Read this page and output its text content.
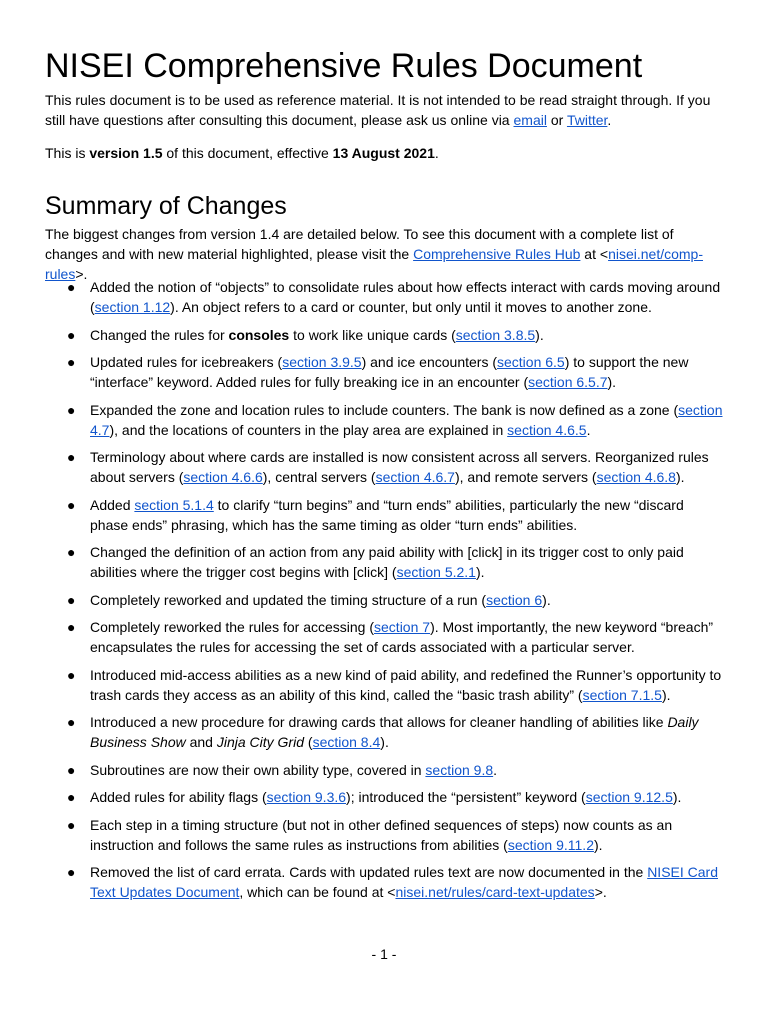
NISEI Comprehensive Rules Document

This rules document is to be used as reference material. It is not intended to be read straight through. If you still have questions after consulting this document, please ask us online via email or Twitter.

This is version 1.5 of this document, effective 13 August 2021.

Summary of Changes

The biggest changes from version 1.4 are detailed below. To see this document with a complete list of changes and with new material highlighted, please visit the Comprehensive Rules Hub at <nisei.net/comp-rules>.

● Added the notion of “objects” to consolidate rules about how effects interact with cards moving around (section 1.12). An object refers to a card or counter, but only until it moves to another zone.
● Changed the rules for consoles to work like unique cards (section 3.8.5).
● Updated rules for icebreakers (section 3.9.5) and ice encounters (section 6.5) to support the new “interface” keyword. Added rules for fully breaking ice in an encounter (section 6.5.7).
● Expanded the zone and location rules to include counters. The bank is now defined as a zone (section 4.7), and the locations of counters in the play area are explained in section 4.6.5.
● Terminology about where cards are installed is now consistent across all servers. Reorganized rules about servers (section 4.6.6), central servers (section 4.6.7), and remote servers (section 4.6.8).
● Added section 5.1.4 to clarify “turn begins” and “turn ends” abilities, particularly the new “discard phase ends” phrasing, which has the same timing as older “turn ends” abilities.
● Changed the definition of an action from any paid ability with [click] in its trigger cost to only paid abilities where the trigger cost begins with [click] (section 5.2.1).
● Completely reworked and updated the timing structure of a run (section 6).
● Completely reworked the rules for accessing (section 7). Most importantly, the new keyword “breach” encapsulates the rules for accessing the set of cards associated with a particular server.
● Introduced mid-access abilities as a new kind of paid ability, and redefined the Runner’s opportunity to trash cards they access as an ability of this kind, called the “basic trash ability” (section 7.1.5).
● Introduced a new procedure for drawing cards that allows for cleaner handling of abilities like Daily Business Show and Jinja City Grid (section 8.4).
● Subroutines are now their own ability type, covered in section 9.8.
● Added rules for ability flags (section 9.3.6); introduced the “persistent” keyword (section 9.12.5).
● Each step in a timing structure (but not in other defined sequences of steps) now counts as an instruction and follows the same rules as instructions from abilities (section 9.11.2).
● Removed the list of card errata. Cards with updated rules text are now documented in the NISEI Card Text Updates Document, which can be found at <nisei.net/rules/card-text-updates>.
- 1 -
